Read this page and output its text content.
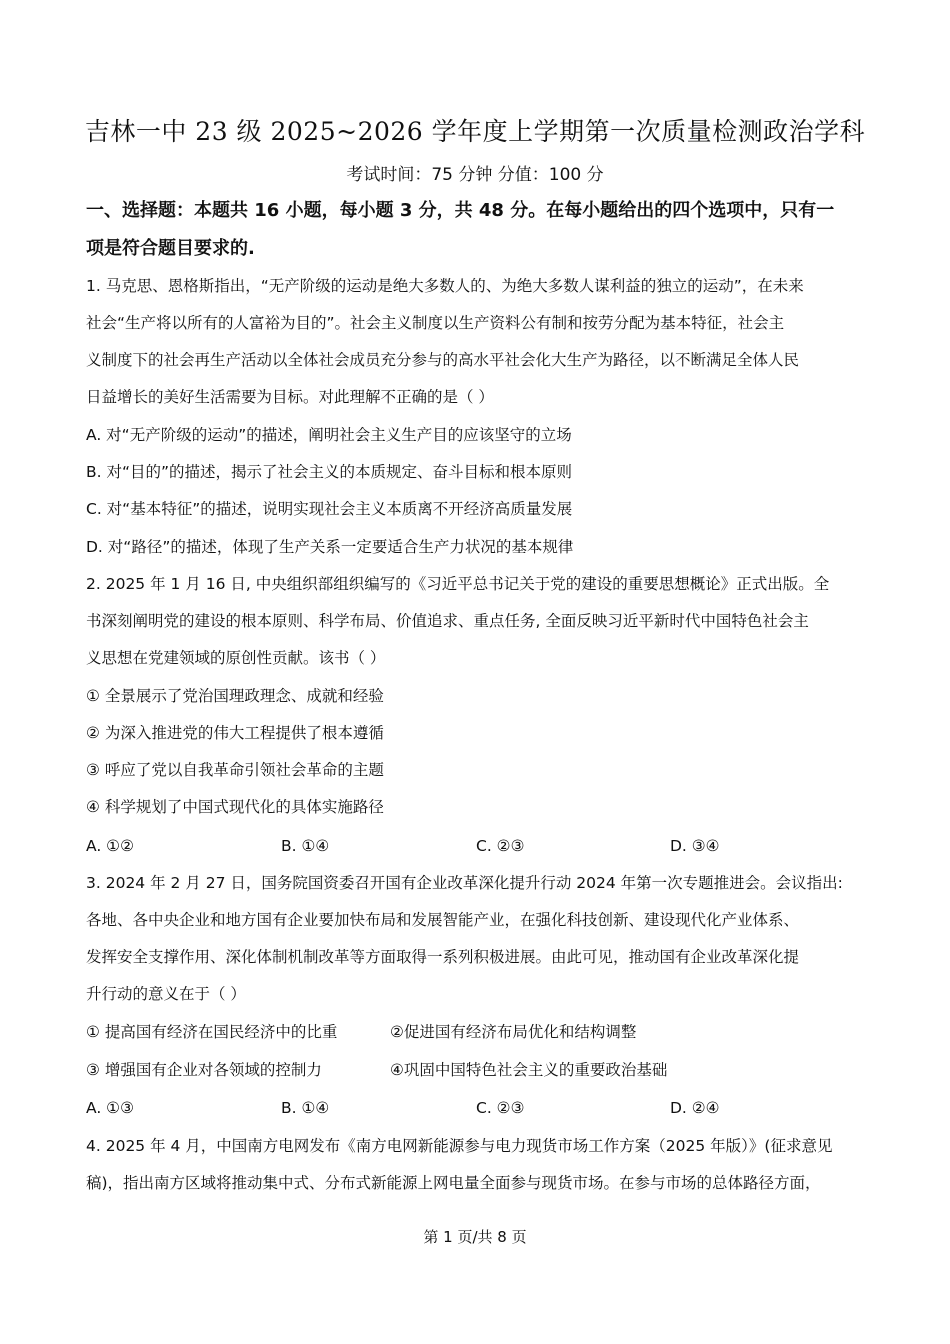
吉林一中 23 级 2025~2026 学年度上学期第一次质量检测政治学科
考试时间：75 分钟 分值：100 分
一、选择题：本题共 16 小题，每小题 3 分，共 48 分。在每小题给出的四个选项中，只有一
项是符合题目要求的.
1. 马克思、恩格斯指出，“无产阶级的运动是绝大多数人的、为绝大多数人谋利益的独立的运动”，在未来
社会“生产将以所有的人富裕为目的”。社会主义制度以生产资料公有制和按劳分配为基本特征，社会主
义制度下的社会再生产活动以全体社会成员充分参与的高水平社会化大生产为路径，以不断满足全体人民
日益增长的美好生活需要为目标。对此理解不正确的是（ ）
A. 对“无产阶级的运动”的描述，阐明社会主义生产目的应该坚守的立场
B. 对“目的”的描述，揭示了社会主义的本质规定、奋斗目标和根本原则
C. 对“基本特征”的描述，说明实现社会主义本质离不开经济高质量发展
D. 对“路径”的描述，体现了生产关系一定要适合生产力状况的基本规律
2. 2025 年 1 月 16 日, 中央组织部组织编写的《习近平总书记关于党的建设的重要思想概论》正式出版。全
书深刻阐明党的建设的根本原则、科学布局、价值追求、重点任务, 全面反映习近平新时代中国特色社会主
义思想在党建领域的原创性贡献。该书（ ）
① 全景展示了党治国理政理念、成就和经验
② 为深入推进党的伟大工程提供了根本遵循
③ 呼应了党以自我革命引领社会革命的主题
④ 科学规划了中国式现代化的具体实施路径
A. ①②	B. ①④	C. ②③	D. ③④
3. 2024 年 2 月 27 日，国务院国资委召开国有企业改革深化提升行动 2024 年第一次专题推进会。会议指出:
各地、各中央企业和地方国有企业要加快布局和发展智能产业，在强化科技创新、建设现代化产业体系、
发挥安全支撑作用、深化体制机制改革等方面取得一系列积极进展。由此可见，推动国有企业改革深化提
升行动的意义在于（ ）
① 提高国有经济在国民经济中的比重	②促进国有经济布局优化和结构调整
③ 增强国有企业对各领域的控制力	④巩固中国特色社会主义的重要政治基础
A. ①③	B. ①④	C. ②③	D. ②④
4. 2025 年 4 月，中国南方电网发布《南方电网新能源参与电力现货市场工作方案（2025 年版）》(征求意见
稿)，指出南方区域将推动集中式、分布式新能源上网电量全面参与现货市场。在参与市场的总体路径方面，
第 1 页/共 8 页
